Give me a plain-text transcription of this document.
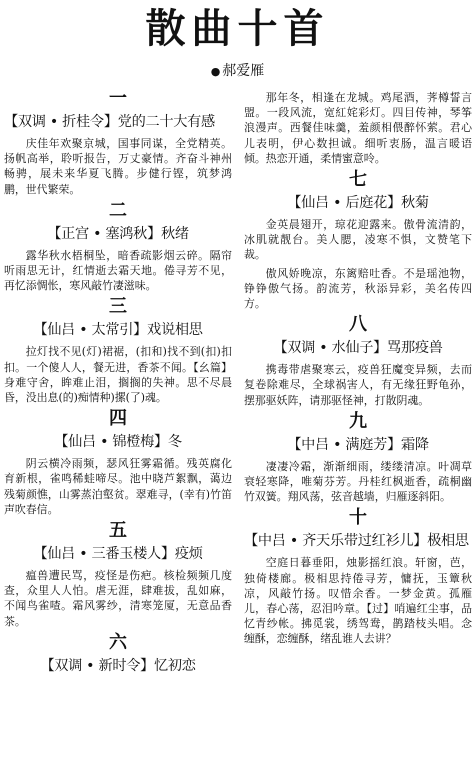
散曲十首
● 郝爱雁
一
【双调 • 折桂令】党的二十大有感
庆佳年欢聚京城，国事同谋，全党精英。扬帆高举，聆听报告，万丈豪情。齐奋斗神州畅骋，展未来华夏飞腾。步健行铿，筑梦鸿鹏，世代繁荣。
二
【正宫 • 塞鸿秋】秋绪
露华秋水梧桐坠，暗香疏影烟云碎。隔帘听雨思无计，红情逝去霜天地。倦寻芳不见，再忆添惆怅，寒风敲竹凄滋味。
三
【仙吕 • 太常引】戏说相思
拉灯找不见(灯)裙裾，(扣和)找不到(扣)扣扣。一个傻人人，餐无进，香茶不闻。【幺篇】身难守舍，眸难止泪，搁搁的失神。思不尽晨昏，没出息(的)痴情种)摞(了)魂。
四
【仙吕 • 锦橙梅】冬
阴云横冷雨频，瑟风狂雾霜循。残英腐化育新根，雀鸣稀蛙啼尽。池中晓芦絮飘，蔼边残菊颜憔，山雾蒸泊壑贫。翠难寻，(幸有)竹笛声吹春信。
五
【仙吕 • 三番玉楼人】疫烦
瘟兽遭民骂，疫怪是伤疤。核检频频几度查，众里人人怕。虐无涯，肆难拔，乱如麻，不闻鸟雀喳。霜风雾纱，清寒笼厦，无意品香茶。
六
【双调 • 新时令】忆初恋
那年冬，相逢在龙城。鸡尾酒，荠樽誓言盟。一段风流，宽紅姹彩灯。四目传神，琴筝浪漫声。西餐佳味羹，羞颜相偎醉怀萦。君心儿表明，伊心数担诚。细听衷肠，温言暖语倾。热恋开通，柔情蜜意呤。
七
【仙吕 • 后庭花】秋菊
金英晨翅开，琼花迎露来。傲骨流清韵，冰肌就靓台。美人腮，凌寒不惧，文赞笔下裁。
傲风娇晚凉，东篱赔吐香。不是瑶池物，铮铮傲气扬。韵流芳，秋添异彩，美名传四方。
八
【双调 • 水仙子】骂那疫兽
携毒带虐聚寒云，疫兽狂魔变异频，去而复卷除难尽，全球祸害人，有无缘狂野龟孙，摆那驱妖阵，请那驱怪神，打散阴魂。
九
【中吕 • 满庭芳】霜降
凄凄冷霜，渐渐细雨，缕缕清凉。叶凋草衰轻寒降，唯菊芬芳。丹桂红枫逝香，疏桐幽竹双簧。翔风荡，弦音越墙，归雁逐斜阳。
十
【中吕 • 齐天乐带过红衫儿】极相思
空庭日暮垂阳，烛影摇红浪。轩窗，芭，独倚楼廊。极相思持倦寻芳，慵抚，玉簟秋凉，风敲竹扬。叹惜余香。一梦金黄。孤雁儿，春心荡，忍泪吟章。【过】哨遍红尘事，品忆青纱帐。拂觅裳，绣驾鸯，鹊踏枝头唱。念缠酥，恋缠酥，绪乱谁人去讲？
